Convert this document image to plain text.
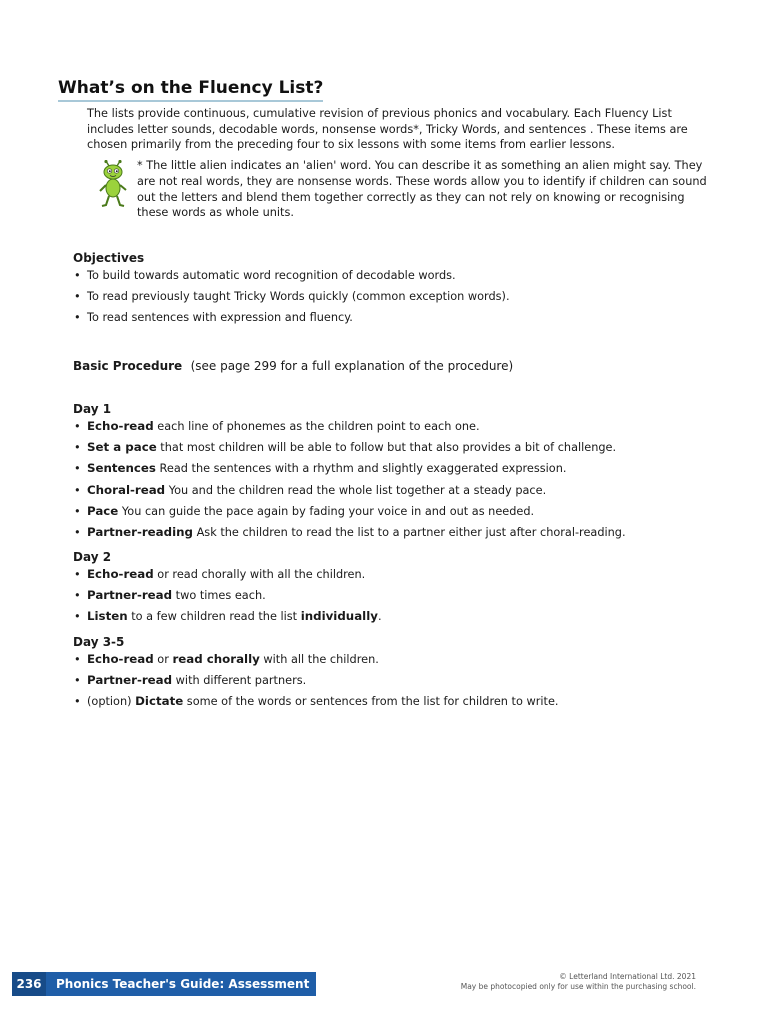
What’s on the Fluency List?

The lists provide continuous, cumulative revision of previous phonics and vocabulary. Each Fluency List includes letter sounds, decodable words, nonsense words*, Tricky Words, and sentences . These items are chosen primarily from the preceding four to six lessons with some items from earlier lessons.

* The little alien indicates an 'alien' word. You can describe it as something an alien might say. They are not real words, they are nonsense words. These words allow you to identify if children can sound out the letters and blend them together correctly as they can not rely on knowing or recognising these words as whole units.

Objectives

• To build towards automatic word recognition of decodable words.
• To read previously taught Tricky Words quickly (common exception words).
• To read sentences with expression and fluency.

Basic Procedure (see page 299 for a full explanation of the procedure)

Day 1

• Echo-read each line of phonemes as the children point to each one.
• Set a pace that most children will be able to follow but that also provides a bit of challenge.
• Sentences Read the sentences with a rhythm and slightly exaggerated expression.
• Choral-read You and the children read the whole list together at a steady pace.
• Pace You can guide the pace again by fading your voice in and out as needed.
• Partner-reading Ask the children to read the list to a partner either just after choral-reading.

Day 2

• Echo-read or read chorally with all the children.
• Partner-read two times each.
• Listen to a few children read the list individually.

Day 3-5

• Echo-read or read chorally with all the children.
• Partner-read with different partners.
• (option) Dictate some of the words or sentences from the list for children to write.
236	Phonics Teacher's Guide: Assessment
© Letterland International Ltd. 2021
May be photocopied only for use within the purchasing school.
